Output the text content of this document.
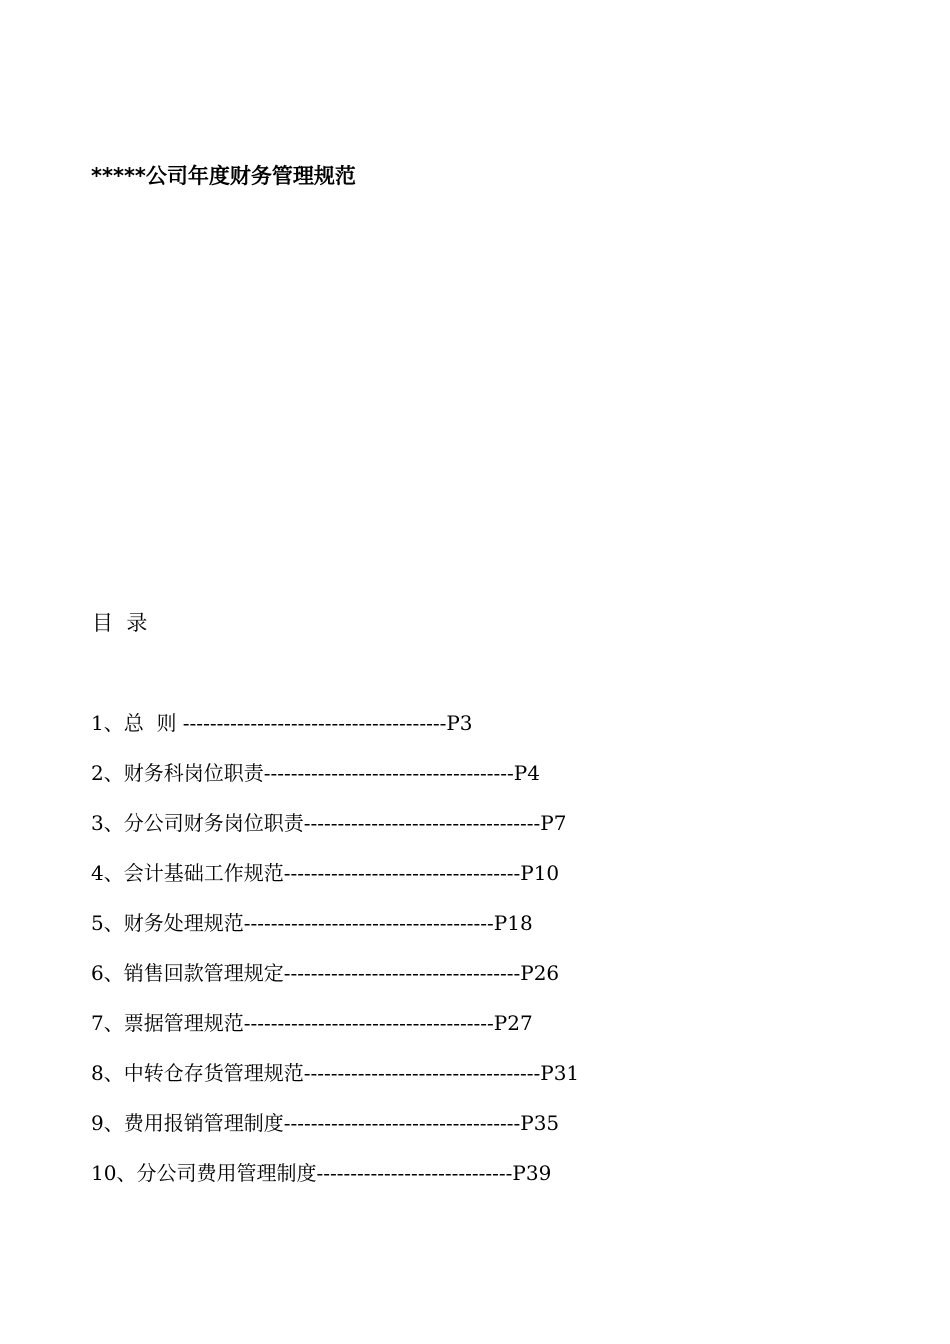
*****公司年度财务管理规范
目  录
1、总  则 ---------------------------------------P3
2、财务科岗位职责-------------------------------------P4
3、分公司财务岗位职责-----------------------------------P7
4、会计基础工作规范-----------------------------------P10
5、财务处理规范-------------------------------------P18
6、销售回款管理规定-----------------------------------P26
7、票据管理规范-------------------------------------P27
8、中转仓存货管理规范-----------------------------------P31
9、费用报销管理制度-----------------------------------P35
10、分公司费用管理制度-----------------------------P39
